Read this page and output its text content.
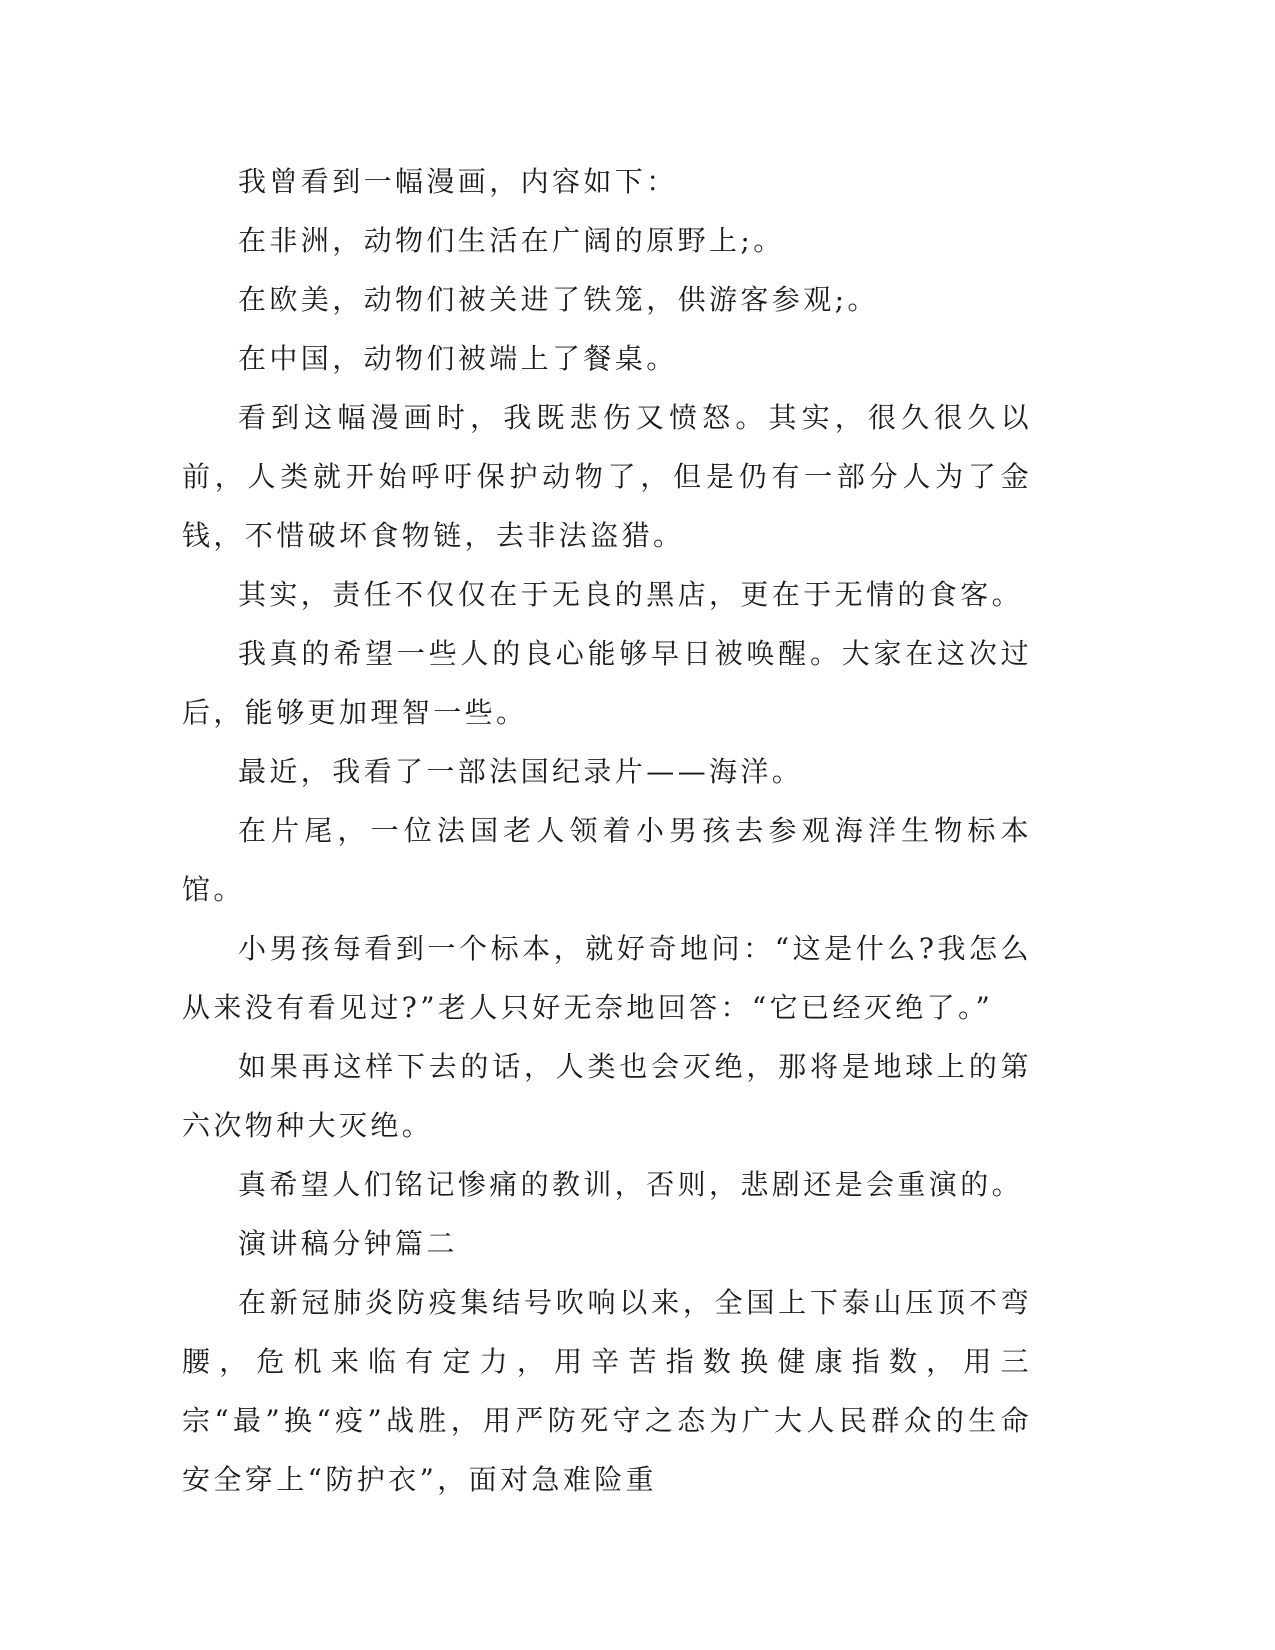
我曾看到一幅漫画，内容如下：

在非洲，动物们生活在广阔的原野上;。

在欧美，动物们被关进了铁笼，供游客参观;。

在中国，动物们被端上了餐桌。

看到这幅漫画时，我既悲伤又愤怒。其实，很久很久以前，人类就开始呼吁保护动物了，但是仍有一部分人为了金钱，不惜破坏食物链，去非法盗猎。

其实，责任不仅仅在于无良的黑店，更在于无情的食客。

我真的希望一些人的良心能够早日被唤醒。大家在这次过后，能够更加理智一些。

最近，我看了一部法国纪录片——海洋。

在片尾，一位法国老人领着小男孩去参观海洋生物标本馆。

小男孩每看到一个标本，就好奇地问：“这是什么?我怎么从来没有看见过?”老人只好无奈地回答：“它已经灭绝了。”

如果再这样下去的话，人类也会灭绝，那将是地球上的第六次物种大灭绝。

真希望人们铭记惨痛的教训，否则，悲剧还是会重演的。

演讲稿分钟篇二

在新冠肺炎防疫集结号吹响以来，全国上下泰山压顶不弯腰，危机来临有定力，用辛苦指数换健康指数，用三宗“最”换“疫”战胜，用严防死守之态为广大人民群众的生命安全穿上“防护衣”，面对急难险重
